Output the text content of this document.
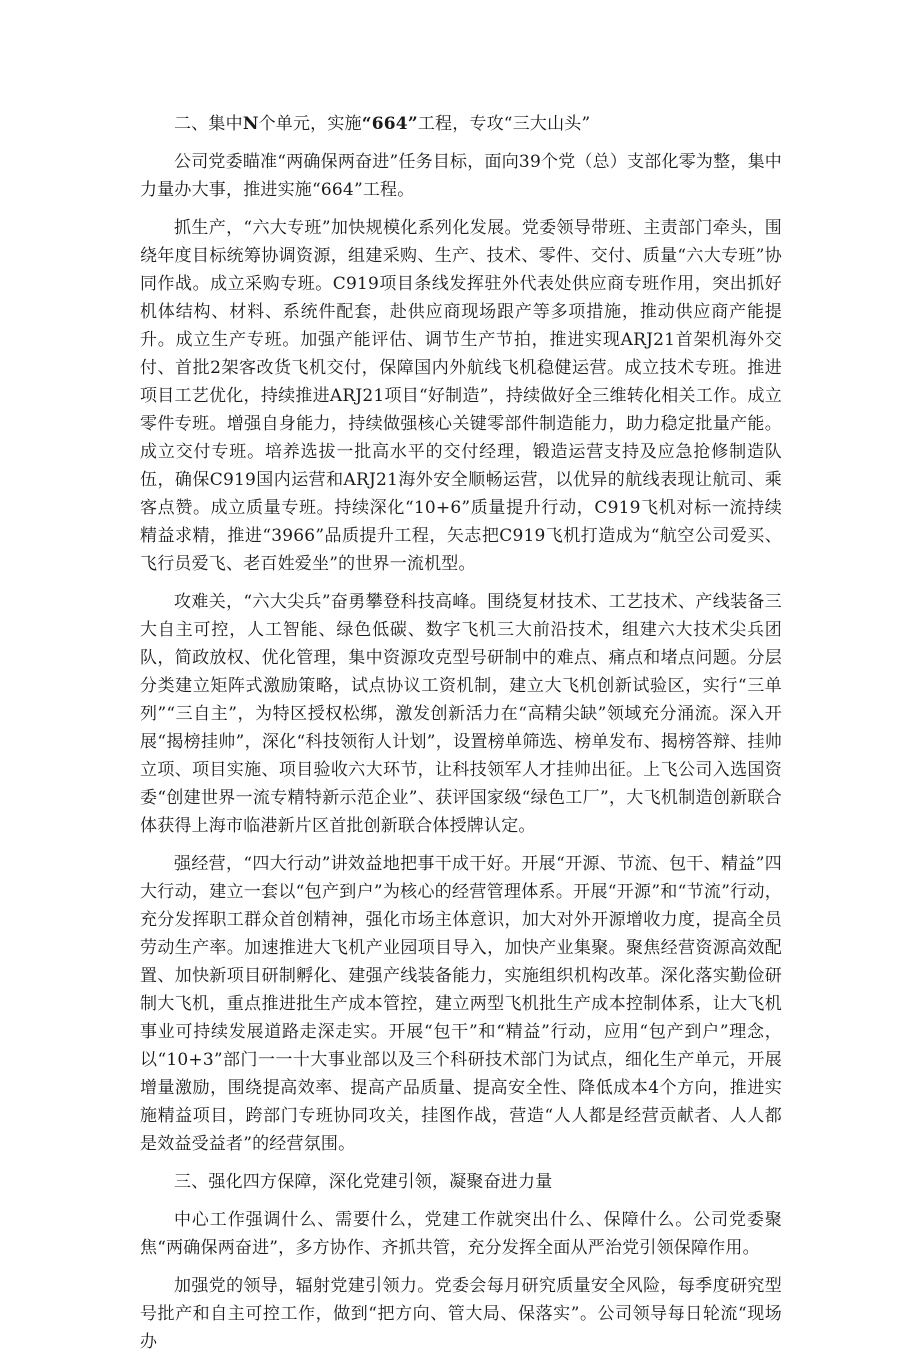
二、集中N个单元，实施“664”工程，专攻“三大山头”

公司党委瞄准“两确保两奋进”任务目标，面向39个党（总）支部化零为整，集中力量办大事，推进实施“664”工程。

抓生产，“六大专班”加快规模化系列化发展。党委领导带班、主责部门牵头，围绕年度目标统筹协调资源，组建采购、生产、技术、零件、交付、质量“六大专班”协同作战。成立采购专班。C919项目条线发挥驻外代表处供应商专班作用，突出抓好机体结构、材料、系统件配套，赴供应商现场跟产等多项措施，推动供应商产能提升。成立生产专班。加强产能评估、调节生产节拍，推进实现ARJ21首架机海外交付、首批2架客改货飞机交付，保障国内外航线飞机稳健运营。成立技术专班。推进项目工艺优化，持续推进ARJ21项目“好制造”，持续做好全三维转化相关工作。成立零件专班。增强自身能力，持续做强核心关键零部件制造能力，助力稳定批量产能。成立交付专班。培养选拔一批高水平的交付经理，锻造运营支持及应急抢修制造队伍，确保C919国内运营和ARJ21海外安全顺畅运营，以优异的航线表现让航司、乘客点赞。成立质量专班。持续深化“10+6”质量提升行动，C919飞机对标一流持续精益求精，推进“3966”品质提升工程，矢志把C919飞机打造成为“航空公司爱买、飞行员爱飞、老百姓爱坐”的世界一流机型。

攻难关，“六大尖兵”奋勇攀登科技高峰。围绕复材技术、工艺技术、产线装备三大自主可控，人工智能、绿色低碳、数字飞机三大前沿技术，组建六大技术尖兵团队，简政放权、优化管理，集中资源攻克型号研制中的难点、痛点和堵点问题。分层分类建立矩阵式激励策略，试点协议工资机制，建立大飞机创新试验区，实行“三单列”“三自主”，为特区授权松绑，激发创新活力在“高精尖缺”领域充分涌流。深入开展“揭榜挂帅”，深化“科技领衔人计划”，设置榜单筛选、榜单发布、揭榜答辩、挂帅立项、项目实施、项目验收六大环节，让科技领军人才挂帅出征。上飞公司入选国资委“创建世界一流专精特新示范企业”、获评国家级“绿色工厂”，大飞机制造创新联合体获得上海市临港新片区首批创新联合体授牌认定。

强经营，“四大行动”讲效益地把事干成干好。开展“开源、节流、包干、精益”四大行动，建立一套以“包产到户”为核心的经营管理体系。开展“开源”和“节流”行动，充分发挥职工群众首创精神，强化市场主体意识，加大对外开源增收力度，提高全员劳动生产率。加速推进大飞机产业园项目导入，加快产业集聚。聚焦经营资源高效配置、加快新项目研制孵化、建强产线装备能力，实施组织机构改革。深化落实勤俭研制大飞机，重点推进批生产成本管控，建立两型飞机批生产成本控制体系，让大飞机事业可持续发展道路走深走实。开展“包干”和“精益”行动，应用“包产到户”理念，以“10+3”部门一一十大事业部以及三个科研技术部门为试点，细化生产单元，开展增量激励，围绕提高效率、提高产品质量、提高安全性、降低成本4个方向，推进实施精益项目，跨部门专班协同攻关，挂图作战，营造“人人都是经营贡献者、人人都是效益受益者”的经营氛围。

三、强化四方保障，深化党建引领，凝聚奋进力量

中心工作强调什么、需要什么，党建工作就突出什么、保障什么。公司党委聚焦“两确保两奋进”，多方协作、齐抓共管，充分发挥全面从严治党引领保障作用。

加强党的领导，辐射党建引领力。党委会每月研究质量安全风险，每季度研究型号批产和自主可控工作，做到“把方向、管大局、保落实”。公司领导每日轮流“现场办
